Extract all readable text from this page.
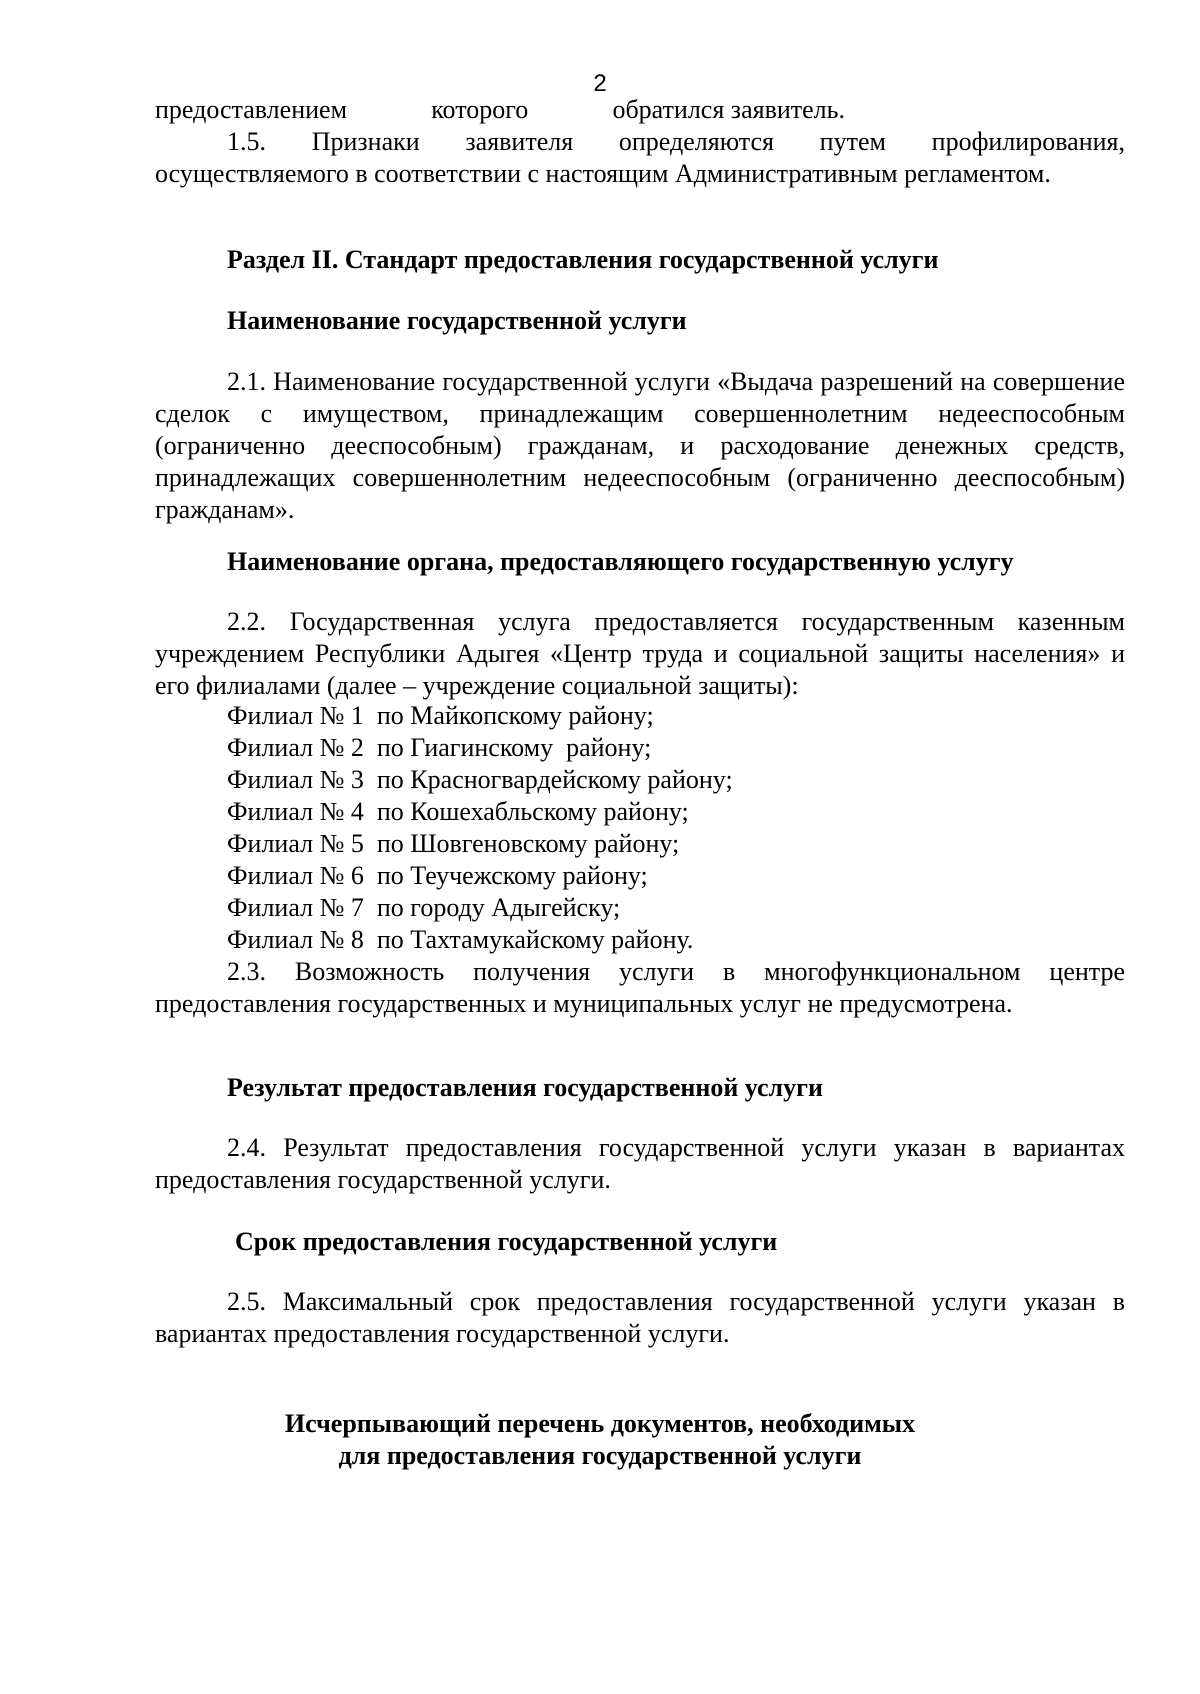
2
предоставлением	которого	обратился заявитель.

1.5. Признаки заявителя определяются путем профилирования, осуществляемого в соответствии с настоящим Административным регламентом.

Раздел II. Стандарт предоставления государственной услуги

Наименование государственной услуги

2.1. Наименование государственной услуги «Выдача разрешений на совершение сделок с имуществом, принадлежащим совершеннолетним недееспособным (ограниченно дееспособным) гражданам, и расходование денежных средств, принадлежащих совершеннолетним недееспособным (ограниченно дееспособным) гражданам».

Наименование органа, предоставляющего государственную услугу

2.2. Государственная услуга предоставляется государственным казенным учреждением Республики Адыгея «Центр труда и социальной защиты населения» и его филиалами (далее – учреждение социальной защиты):

Филиал № 1  по Майкопскому району;

Филиал № 2  по Гиагинскому  району;

Филиал № 3  по Красногвардейскому району;

Филиал № 4  по Кошехабльскому району;

Филиал № 5  по Шовгеновскому району;

Филиал № 6  по Теучежскому району;

Филиал № 7  по городу Адыгейску;

Филиал № 8  по Тахтамукайскому району.

2.3. Возможность получения услуги в многофункциональном центре предоставления государственных и муниципальных услуг не предусмотрена.

Результат предоставления государственной услуги

2.4. Результат предоставления государственной услуги указан в вариантах предоставления государственной услуги.

Срок предоставления государственной услуги

2.5. Максимальный срок предоставления государственной услуги указан в вариантах предоставления государственной услуги.

Исчерпывающий перечень документов, необходимых

для предоставления государственной услуги
